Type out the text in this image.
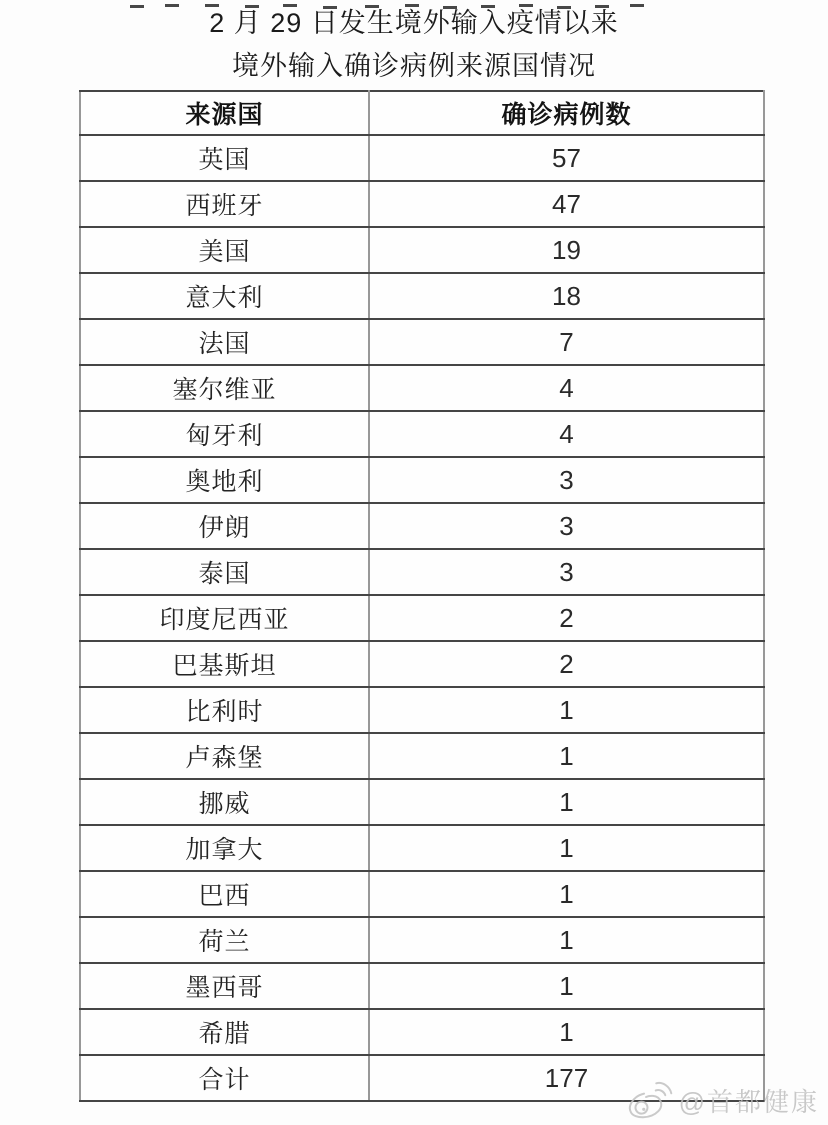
2 月 29 日发生境外输入疫情以来
境外输入确诊病例来源国情况
来源国	确诊病例数
英国	57
西班牙	47
美国	19
意大利	18
法国	7
塞尔维亚	4
匈牙利	4
奥地利	3
伊朗	3
泰国	3
印度尼西亚	2
巴基斯坦	2
比利时	1
卢森堡	1
挪威	1
加拿大	1
巴西	1
荷兰	1
墨西哥	1
希腊	1
合计	177
@首都健康
